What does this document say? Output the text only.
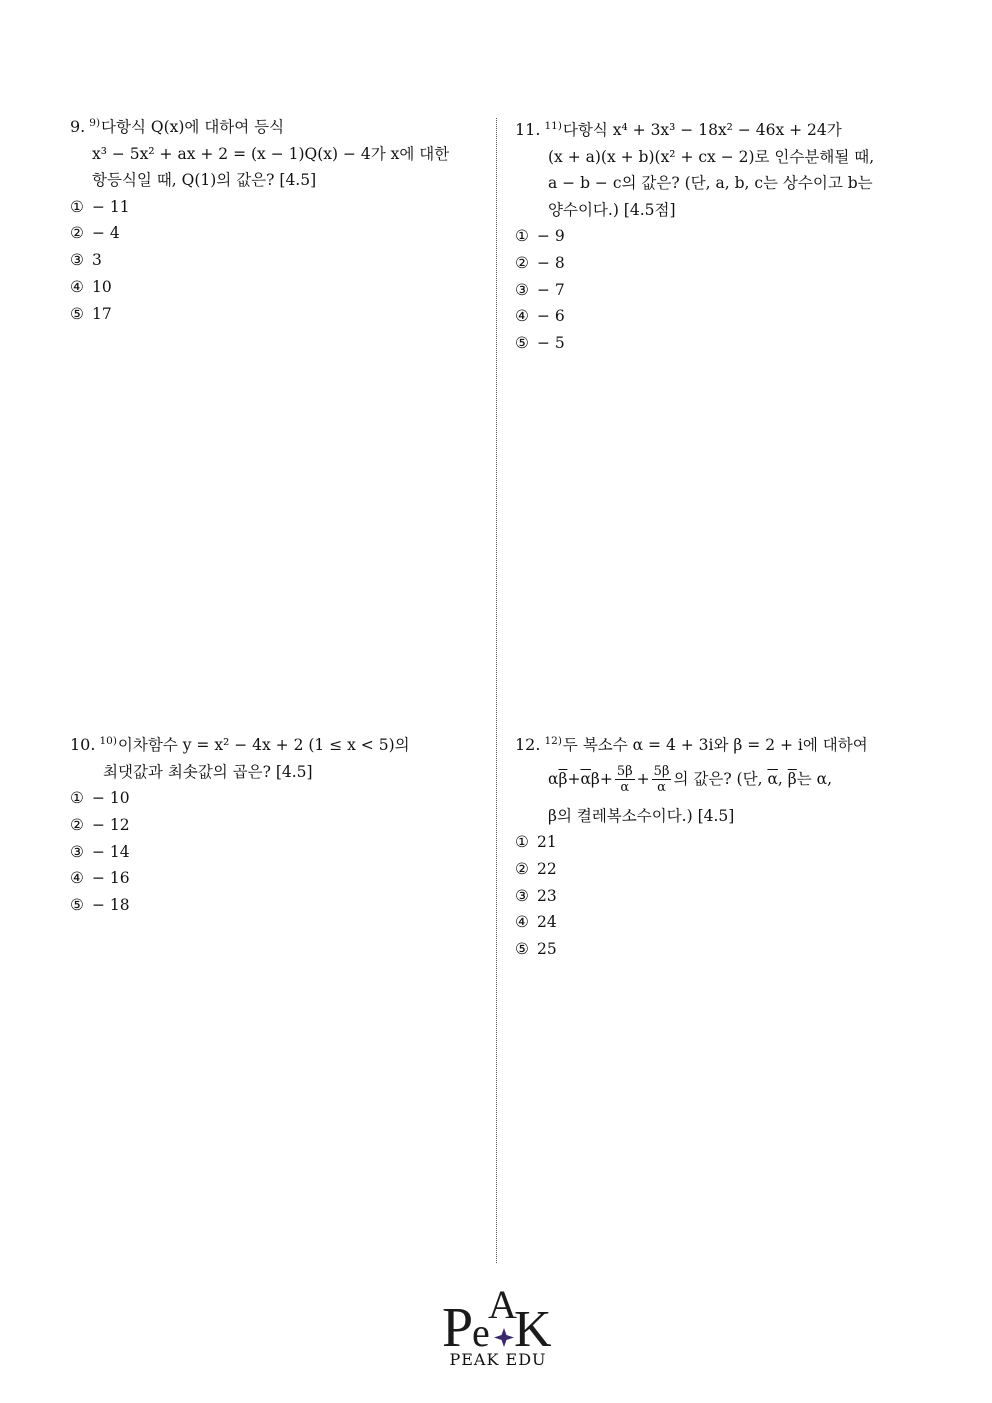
9. $^{9)}$다항식 Q(x)에 대하여 등식
x³ − 5x² + ax + 2 = (x − 1)Q(x) − 4가 x에 대한
항등식일 때, Q(1)의 값은? [4.5]
① − 11
② − 4
③ 3
④ 10
⑤ 17
11. $^{11)}$다항식 x⁴ + 3x³ − 18x² − 46x + 24가
(x + a)(x + b)(x² + cx − 2)로 인수분해될 때,
a − b − c의 값은? (단, a, b, c는 상수이고 b는
양수이다.) [4.5점]
① − 9
② − 8
③ − 7
④ − 6
⑤ − 5
10. $^{10)}$이차함수 y = x² − 4x + 2 (1 ≤ x < 5)의
최댓값과 최솟값의 곱은? [4.5]
① − 10
② − 12
③ − 14
④ − 16
⑤ − 18
12. $^{12)}$두 복소수 α = 4 + 3i와 β = 2 + i에 대하여
$\alpha\overline{\beta}+\overline{\alpha}\beta+ \frac{5\beta}{\alpha} + \frac{5\beta}{\alpha}$ 의 값은? (단, $\overline{\alpha}$, $\overline{\beta}$는 α,
β의 켤레복소수이다.) [4.5]
① 21
② 22
③ 23
④ 24
⑤ 25
P
e
A
K
PEAK EDU
